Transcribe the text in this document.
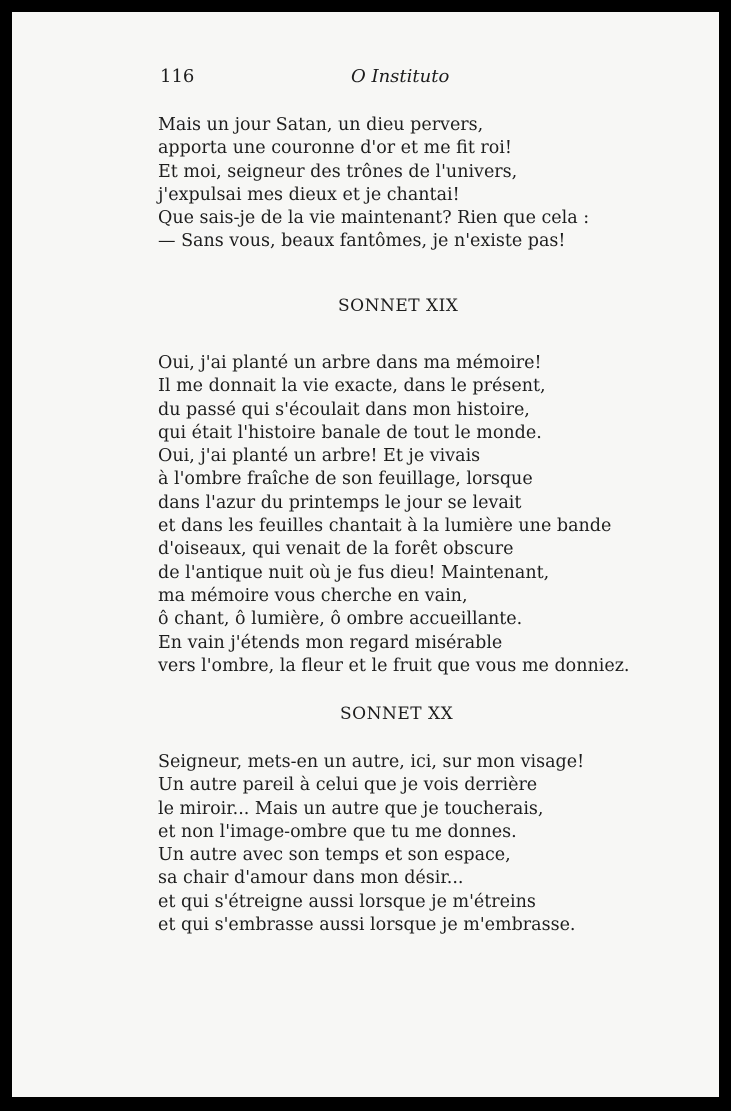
116	O Instituto
Mais un jour Satan, un dieu pervers,
apporta une couronne d'or et me fit roi!
Et moi, seigneur des trônes de l'univers,
j'expulsai mes dieux et je chantai!
Que sais-je de la vie maintenant? Rien que cela :
— Sans vous, beaux fantômes, je n'existe pas!
SONNET XIX
Oui, j'ai planté un arbre dans ma mémoire!
Il me donnait la vie exacte, dans le présent,
du passé qui s'écoulait dans mon histoire,
qui était l'histoire banale de tout le monde.
Oui, j'ai planté un arbre! Et je vivais
à l'ombre fraîche de son feuillage, lorsque
dans l'azur du printemps le jour se levait
et dans les feuilles chantait à la lumière une bande
d'oiseaux, qui venait de la forêt obscure
de l'antique nuit où je fus dieu! Maintenant,
ma mémoire vous cherche en vain,
ô chant, ô lumière, ô ombre accueillante.
En vain j'étends mon regard misérable
vers l'ombre, la fleur et le fruit que vous me donniez.
SONNET XX
Seigneur, mets-en un autre, ici, sur mon visage!
Un autre pareil à celui que je vois derrière
le miroir... Mais un autre que je toucherais,
et non l'image-ombre que tu me donnes.
Un autre avec son temps et son espace,
sa chair d'amour dans mon désir...
et qui s'étreigne aussi lorsque je m'étreins
et qui s'embrasse aussi lorsque je m'embrasse.
